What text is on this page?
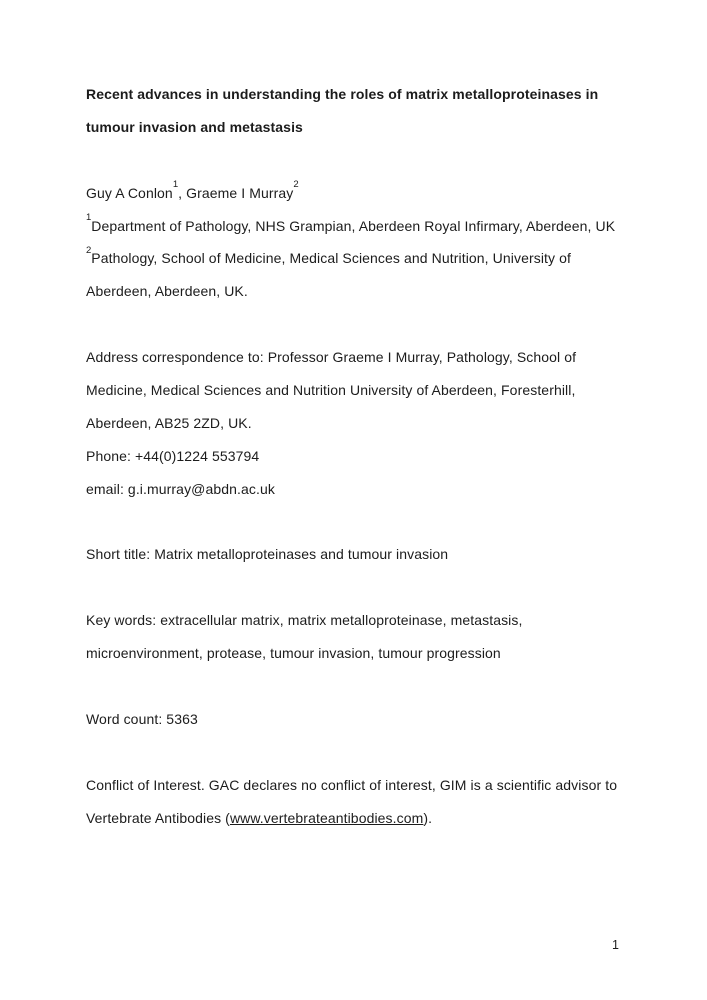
Recent advances in understanding the roles of matrix metalloproteinases in

tumour invasion and metastasis

Guy A Conlon$^1$, Graeme I Murray$^2$

$^1$Department of Pathology, NHS Grampian, Aberdeen Royal Infirmary, Aberdeen, UK

$^2$Pathology, School of Medicine, Medical Sciences and Nutrition, University of

Aberdeen, Aberdeen, UK.

Address correspondence to: Professor Graeme I Murray, Pathology, School of

Medicine, Medical Sciences and Nutrition University of Aberdeen, Foresterhill,

Aberdeen, AB25 2ZD, UK.

Phone: +44(0)1224 553794

email: g.i.murray@abdn.ac.uk

Short title: Matrix metalloproteinases and tumour invasion

Key words: extracellular matrix, matrix metalloproteinase, metastasis,

microenvironment, protease, tumour invasion, tumour progression

Word count: 5363

Conflict of Interest. GAC declares no conflict of interest, GIM is a scientific advisor to

Vertebrate Antibodies (www.vertebrateantibodies.com).

1
